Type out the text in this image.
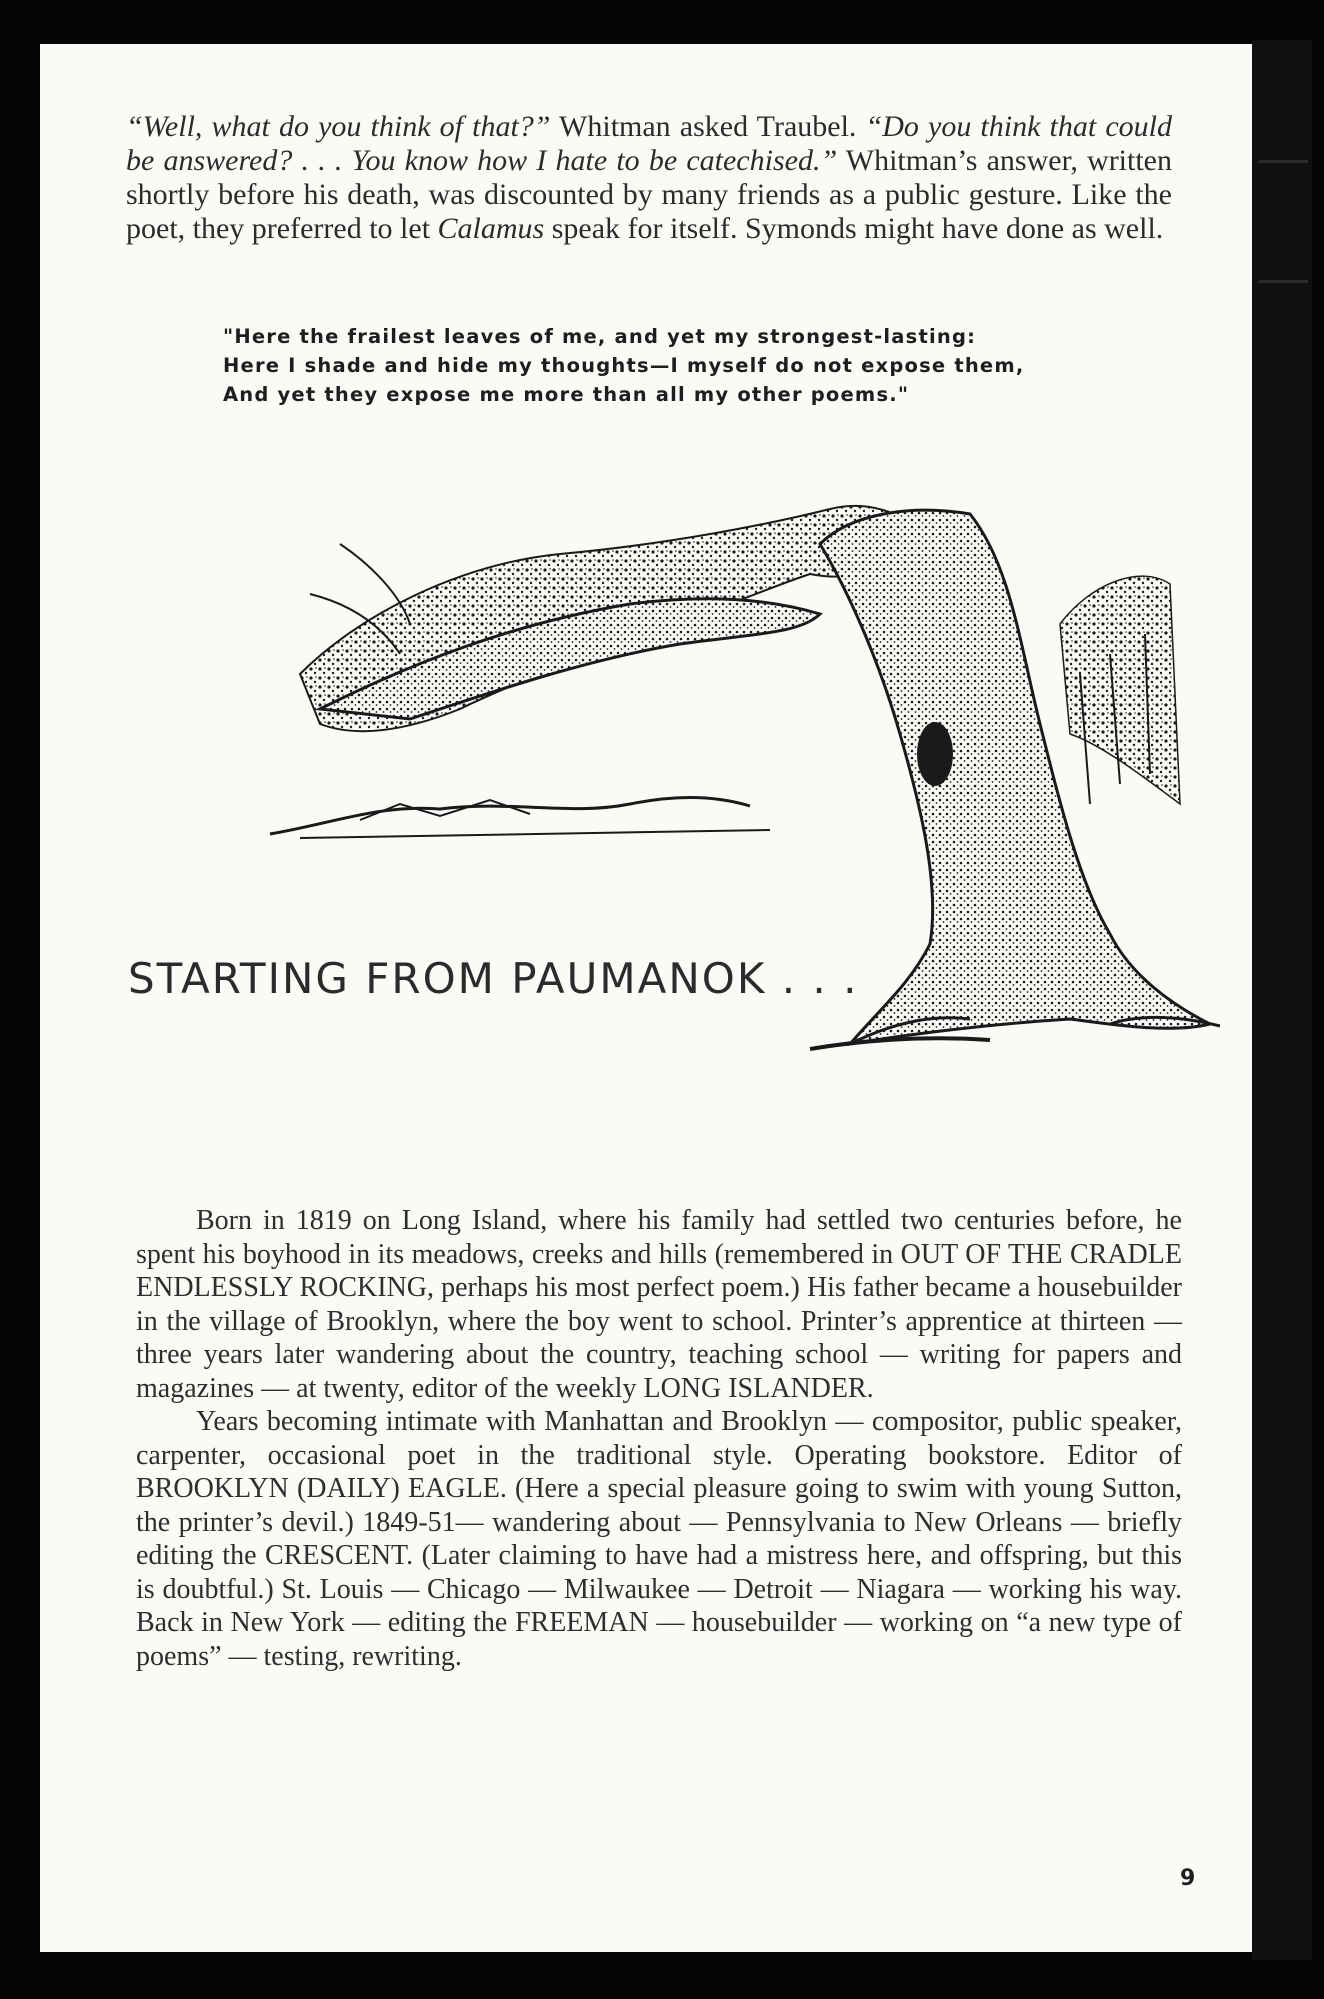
“Well, what do you think of that?” Whitman asked Traubel. “Do you think that could be answered? . . . You know how I hate to be catechised.” Whitman’s answer, written shortly before his death, was discounted by many friends as a public gesture. Like the poet, they preferred to let Calamus speak for itself. Symonds might have done as well.
"Here the frailest leaves of me, and yet my strongest-lasting:
Here I shade and hide my thoughts—I myself do not expose them,
And yet they expose me more than all my other poems."
STARTING FROM PAUMANOK . . .

Born in 1819 on Long Island, where his family had settled two centuries before, he spent his boyhood in its meadows, creeks and hills (remembered in OUT OF THE CRADLE ENDLESSLY ROCKING, perhaps his most perfect poem.) His father became a housebuilder in the village of Brooklyn, where the boy went to school. Printer’s apprentice at thirteen — three years later wandering about the country, teaching school — writing for papers and magazines — at twenty, editor of the weekly LONG ISLANDER.

Years becoming intimate with Manhattan and Brooklyn — compositor, public speaker, carpenter, occasional poet in the traditional style. Operating bookstore. Editor of BROOKLYN (DAILY) EAGLE. (Here a special pleasure going to swim with young Sutton, the printer’s devil.) 1849-51— wandering about — Pennsylvania to New Orleans — briefly editing the CRESCENT. (Later claiming to have had a mistress here, and offspring, but this is doubtful.) St. Louis — Chicago — Milwaukee — Detroit — Niagara — working his way. Back in New York — editing the FREEMAN — housebuilder — working on “a new type of poems” — testing, rewriting.

9
